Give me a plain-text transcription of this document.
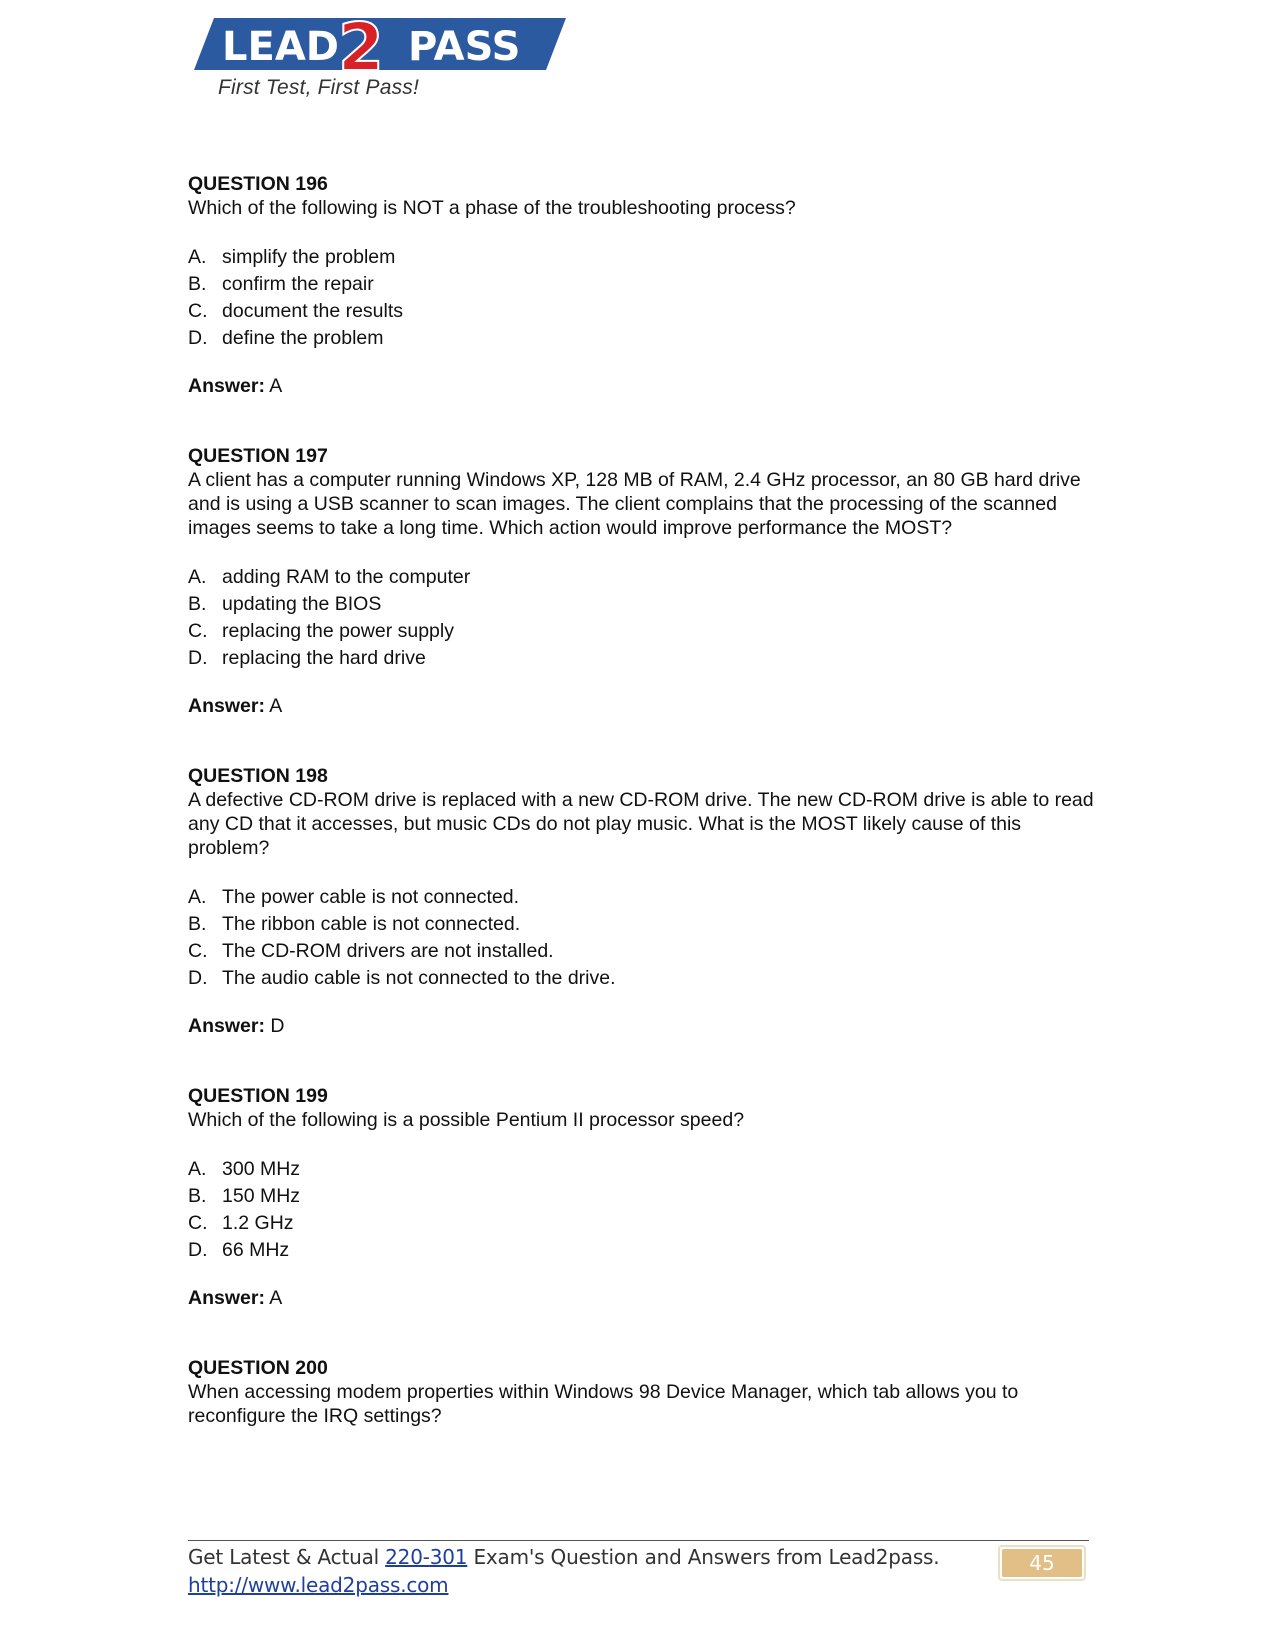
LEAD 2 PASS
First Test, First Pass!
QUESTION 196

Which of the following is NOT a phase of the troubleshooting process?

A. simplify the problem
B. confirm the repair
C. document the results
D. define the problem
Answer: A
QUESTION 197

A client has a computer running Windows XP, 128 MB of RAM, 2.4 GHz processor, an 80 GB hard drive and is using a USB scanner to scan images. The client complains that the processing of the scanned images seems to take a long time. Which action would improve performance the MOST?

A. adding RAM to the computer
B. updating the BIOS
C. replacing the power supply
D. replacing the hard drive
Answer: A
QUESTION 198

A defective CD-ROM drive is replaced with a new CD-ROM drive. The new CD-ROM drive is able to read any CD that it accesses, but music CDs do not play music. What is the MOST likely cause of this problem?

A. The power cable is not connected.
B. The ribbon cable is not connected.
C. The CD-ROM drivers are not installed.
D. The audio cable is not connected to the drive.
Answer: D
QUESTION 199

Which of the following is a possible Pentium II processor speed?

A. 300 MHz
B. 150 MHz
C. 1.2 GHz
D. 66 MHz
Answer: A
QUESTION 200

When accessing modem properties within Windows 98 Device Manager, which tab allows you to reconfigure the IRQ settings?

Get Latest & Actual 220-301 Exam's Question and Answers from Lead2pass.
http://www.lead2pass.com
45
